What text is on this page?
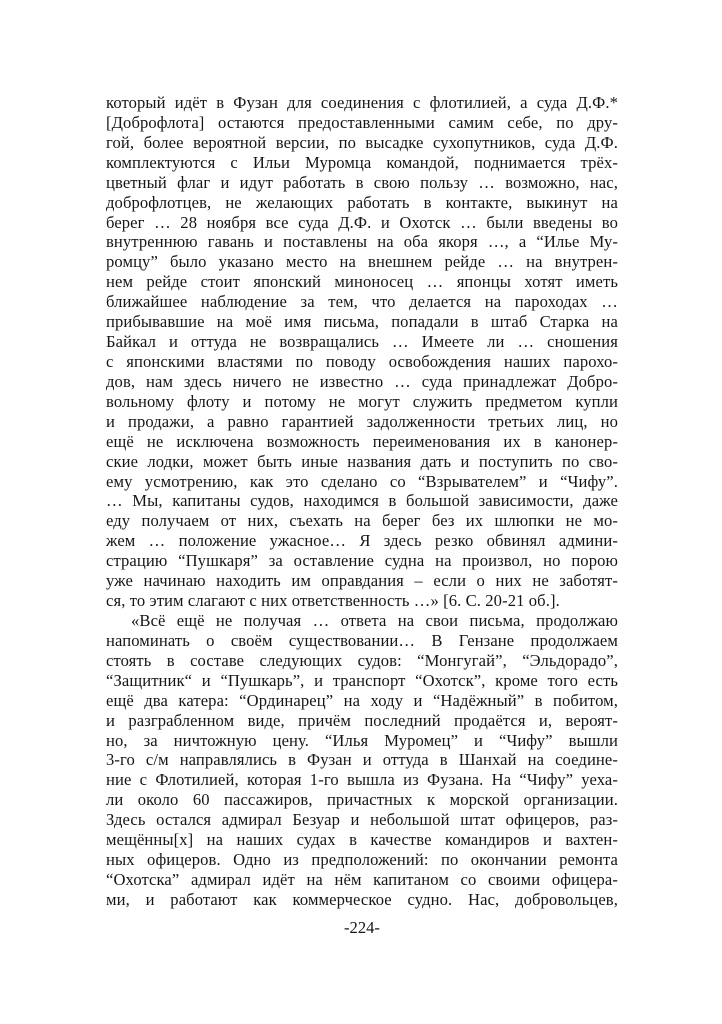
который идёт в Фузан для соединения с флотилией, а суда Д.Ф.*
[Доброфлота] остаются предоставленными самим себе, по дру-
гой, более вероятной версии, по высадке сухопутников, суда Д.Ф.
комплектуются с Ильи Муромца командой, поднимается трёх-
цветный флаг и идут работать в свою пользу … возможно, нас,
доброфлотцев, не желающих работать в контакте, выкинут на
берег … 28 ноября все суда Д.Ф. и Охотск … были введены во
внутреннюю гавань и поставлены на оба якоря …, а “Илье Му-
ромцу” было указано место на внешнем рейде … на внутрен-
нем рейде стоит японский миноносец … японцы хотят иметь
ближайшее наблюдение за тем, что делается на пароходах …
прибывавшие на моё имя письма, попадали в штаб Старка на
Байкал и оттуда не возвращались … Имеете ли … сношения
с японскими властями по поводу освобождения наших парохо-
дов, нам здесь ничего не известно … суда принадлежат Добро-
вольному флоту и потому не могут служить предметом купли
и продажи, а равно гарантией задолженности третьих лиц, но
ещё не исключена возможность переименования их в канонер-
ские лодки, может быть иные названия дать и поступить по сво-
ему усмотрению, как это сделано со “Взрывателем” и “Чифу”.
… Мы, капитаны судов, находимся в большой зависимости, даже
еду получаем от них, съехать на берег без их шлюпки не мо-
жем … положение ужасное… Я здесь резко обвинял админи-
страцию “Пушкаря” за оставление судна на произвол, но порою
уже начинаю находить им оправдания – если о них не заботят-
ся, то этим слагают с них ответственность …» [6. С. 20-21 об.].
«Всё ещё не получая … ответа на свои письма, продолжаю
напоминать о своём существовании… В Гензане продолжаем
стоять в составе следующих судов: “Монгугай”, “Эльдорадо”,
“Защитник“ и “Пушкарь”, и транспорт “Охотск”, кроме того есть
ещё два катера: “Ординарец” на ходу и “Надёжный” в побитом,
и разграбленном виде, причём последний продаётся и, вероят-
но, за ничтожную цену. “Илья Муромец” и “Чифу” вышли
3-го с/м направлялись в Фузан и оттуда в Шанхай на соедине-
ние с Флотилией, которая 1-го вышла из Фузана. На “Чифу” уеха-
ли около 60 пассажиров, причастных к морской организации.
Здесь остался адмирал Безуар и небольшой штат офицеров, раз-
мещённы[х] на наших судах в качестве командиров и вахтен-
ных офицеров. Одно из предположений: по окончании ремонта
“Охотска” адмирал идёт на нём капитаном со своими офицера-
ми, и работают как коммерческое судно. Нас, добровольцев,
-224-
